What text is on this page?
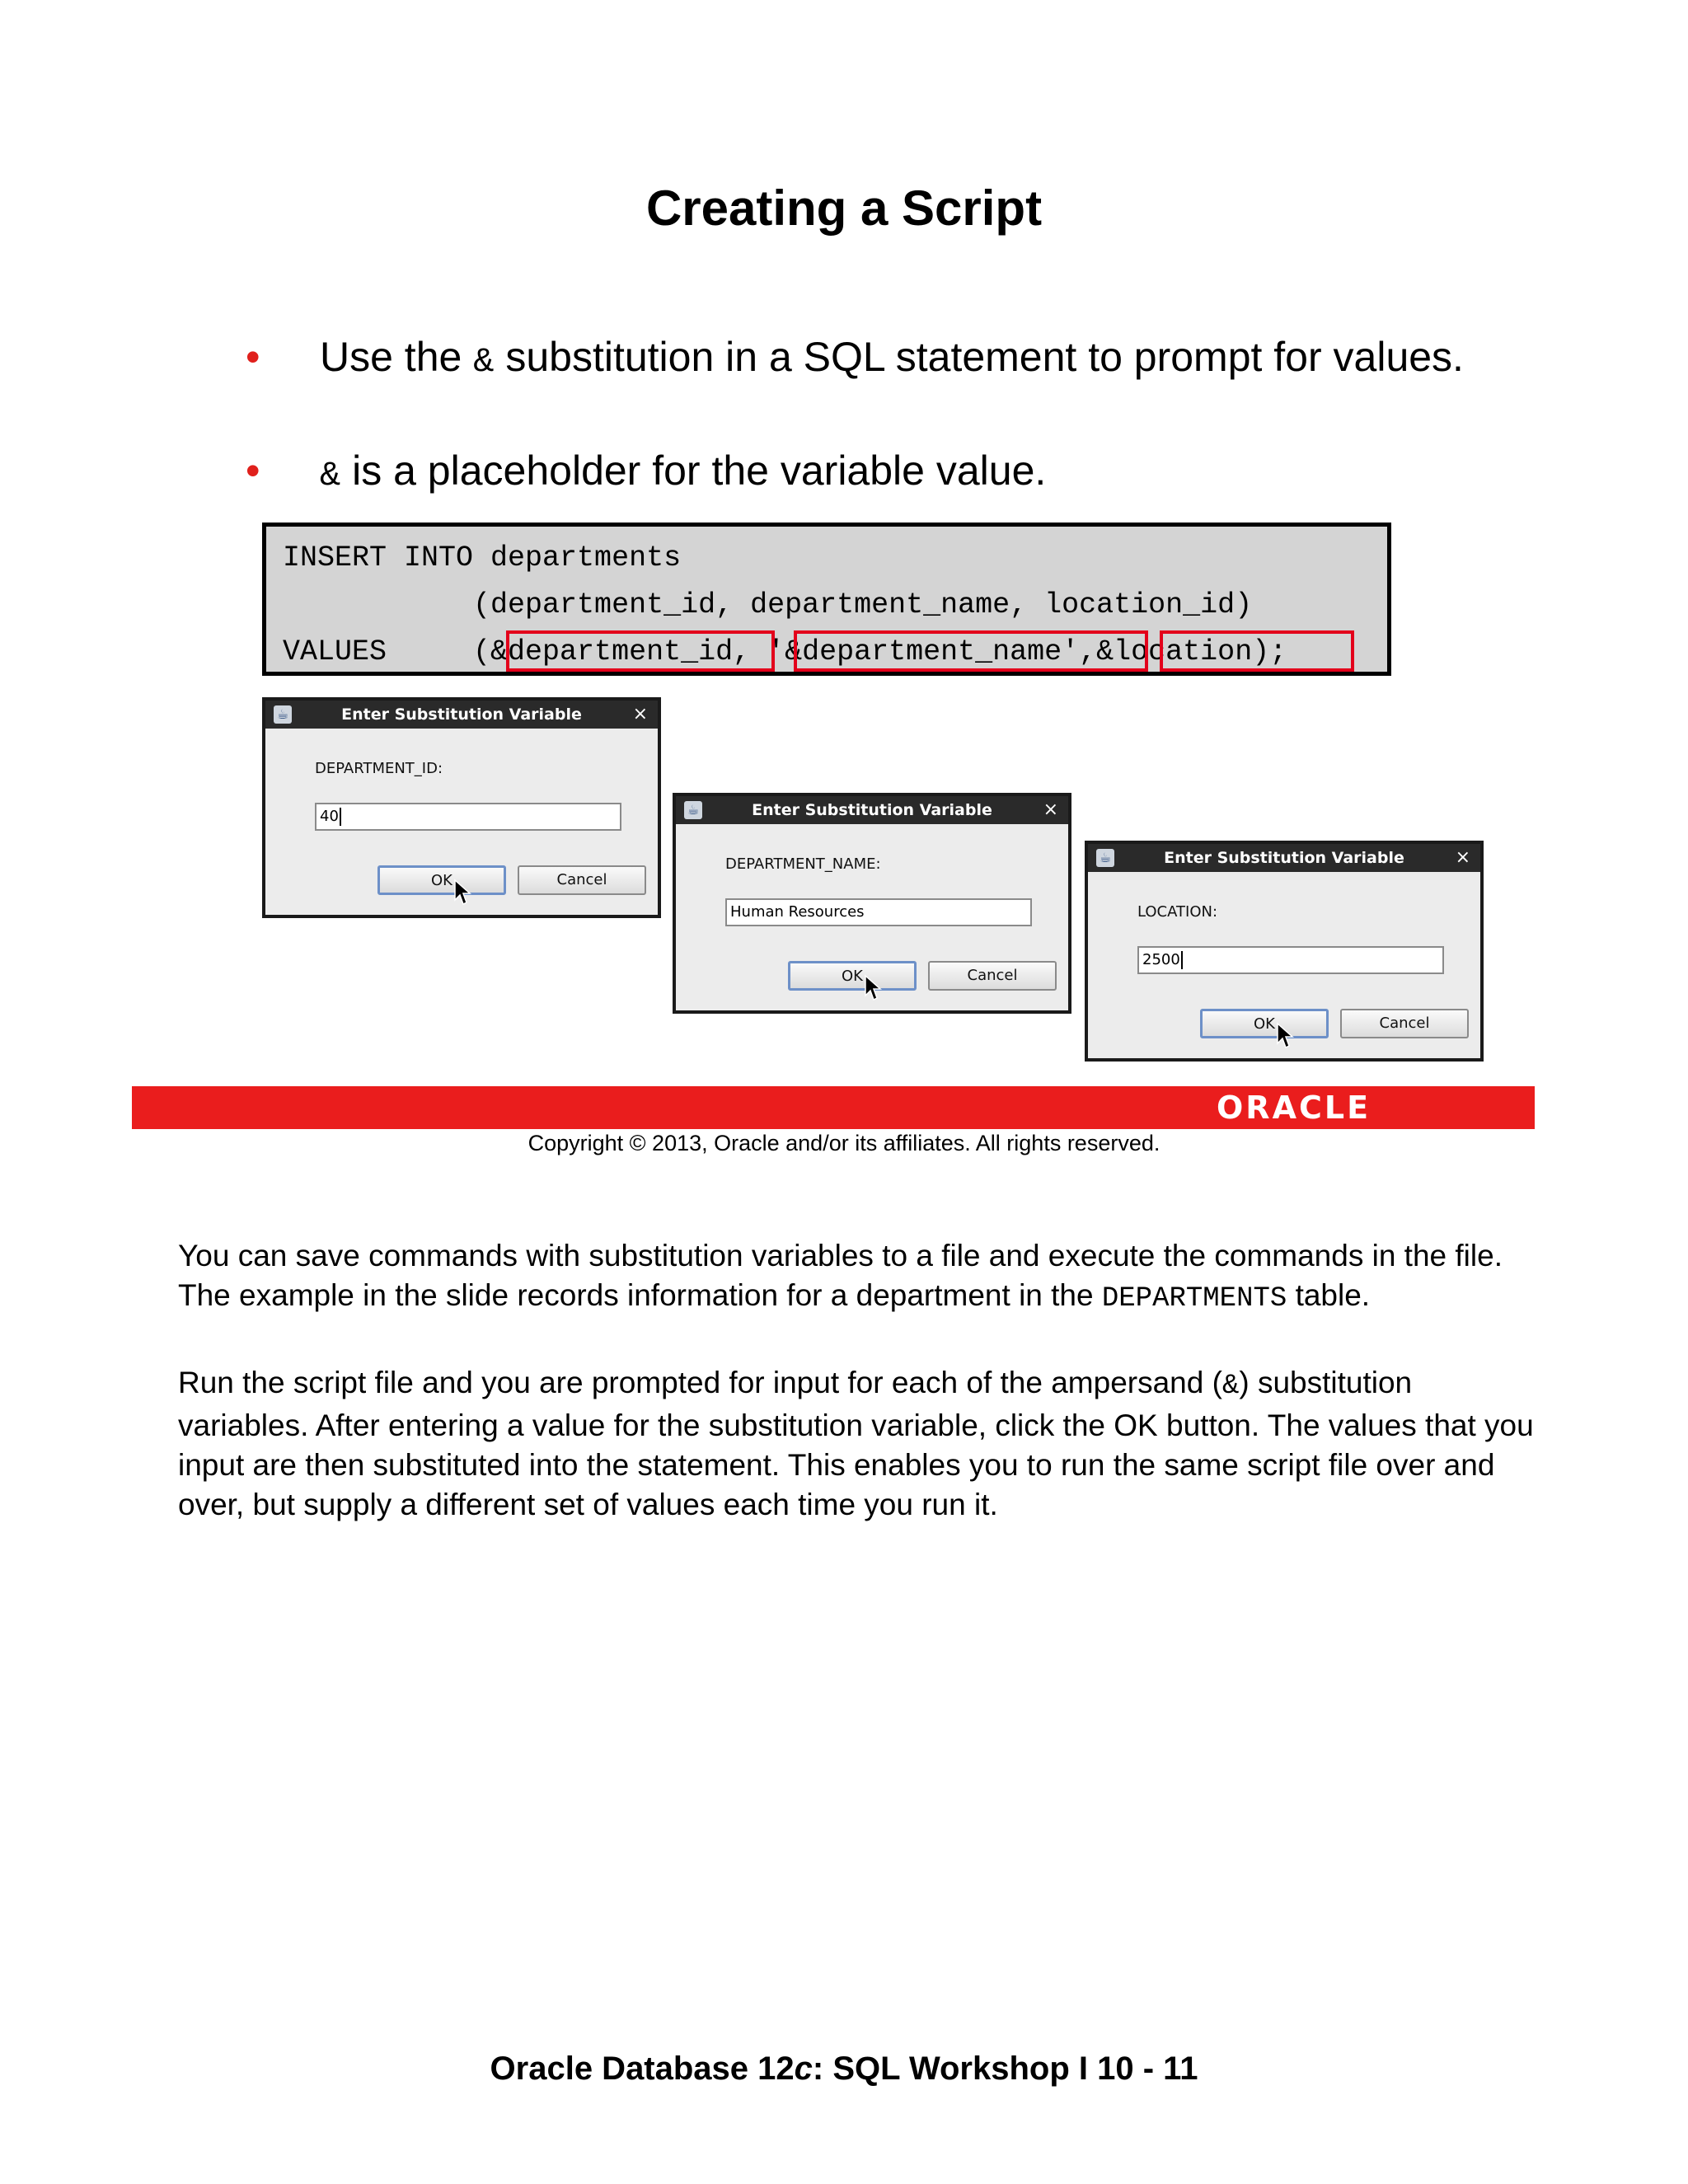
Creating a Script
• Use the & substitution in a SQL statement to prompt for values.

• & is a placeholder for the variable value.

INSERT INTO departments
(department_id, department_name, location_id)
VALUES     (&department_id, '&department_name',&location);
☕	Enter Substitution Variable	×
DEPARTMENT_ID:
40
OK	Cancel
☕	Enter Substitution Variable	×
DEPARTMENT_NAME:
Human Resources
OK	Cancel
☕	Enter Substitution Variable	×
LOCATION:
2500
OK	Cancel
ORACLE
Copyright © 2013, Oracle and/or its affiliates. All rights reserved.

You can save commands with substitution variables to a file and execute the commands in the file. The example in the slide records information for a department in the DEPARTMENTS table.

Run the script file and you are prompted for input for each of the ampersand (&) substitution variables. After entering a value for the substitution variable, click the OK button. The values that you input are then substituted into the statement. This enables you to run the same script file over and over, but supply a different set of values each time you run it.

Oracle Database 12c: SQL Workshop I 10 - 11
